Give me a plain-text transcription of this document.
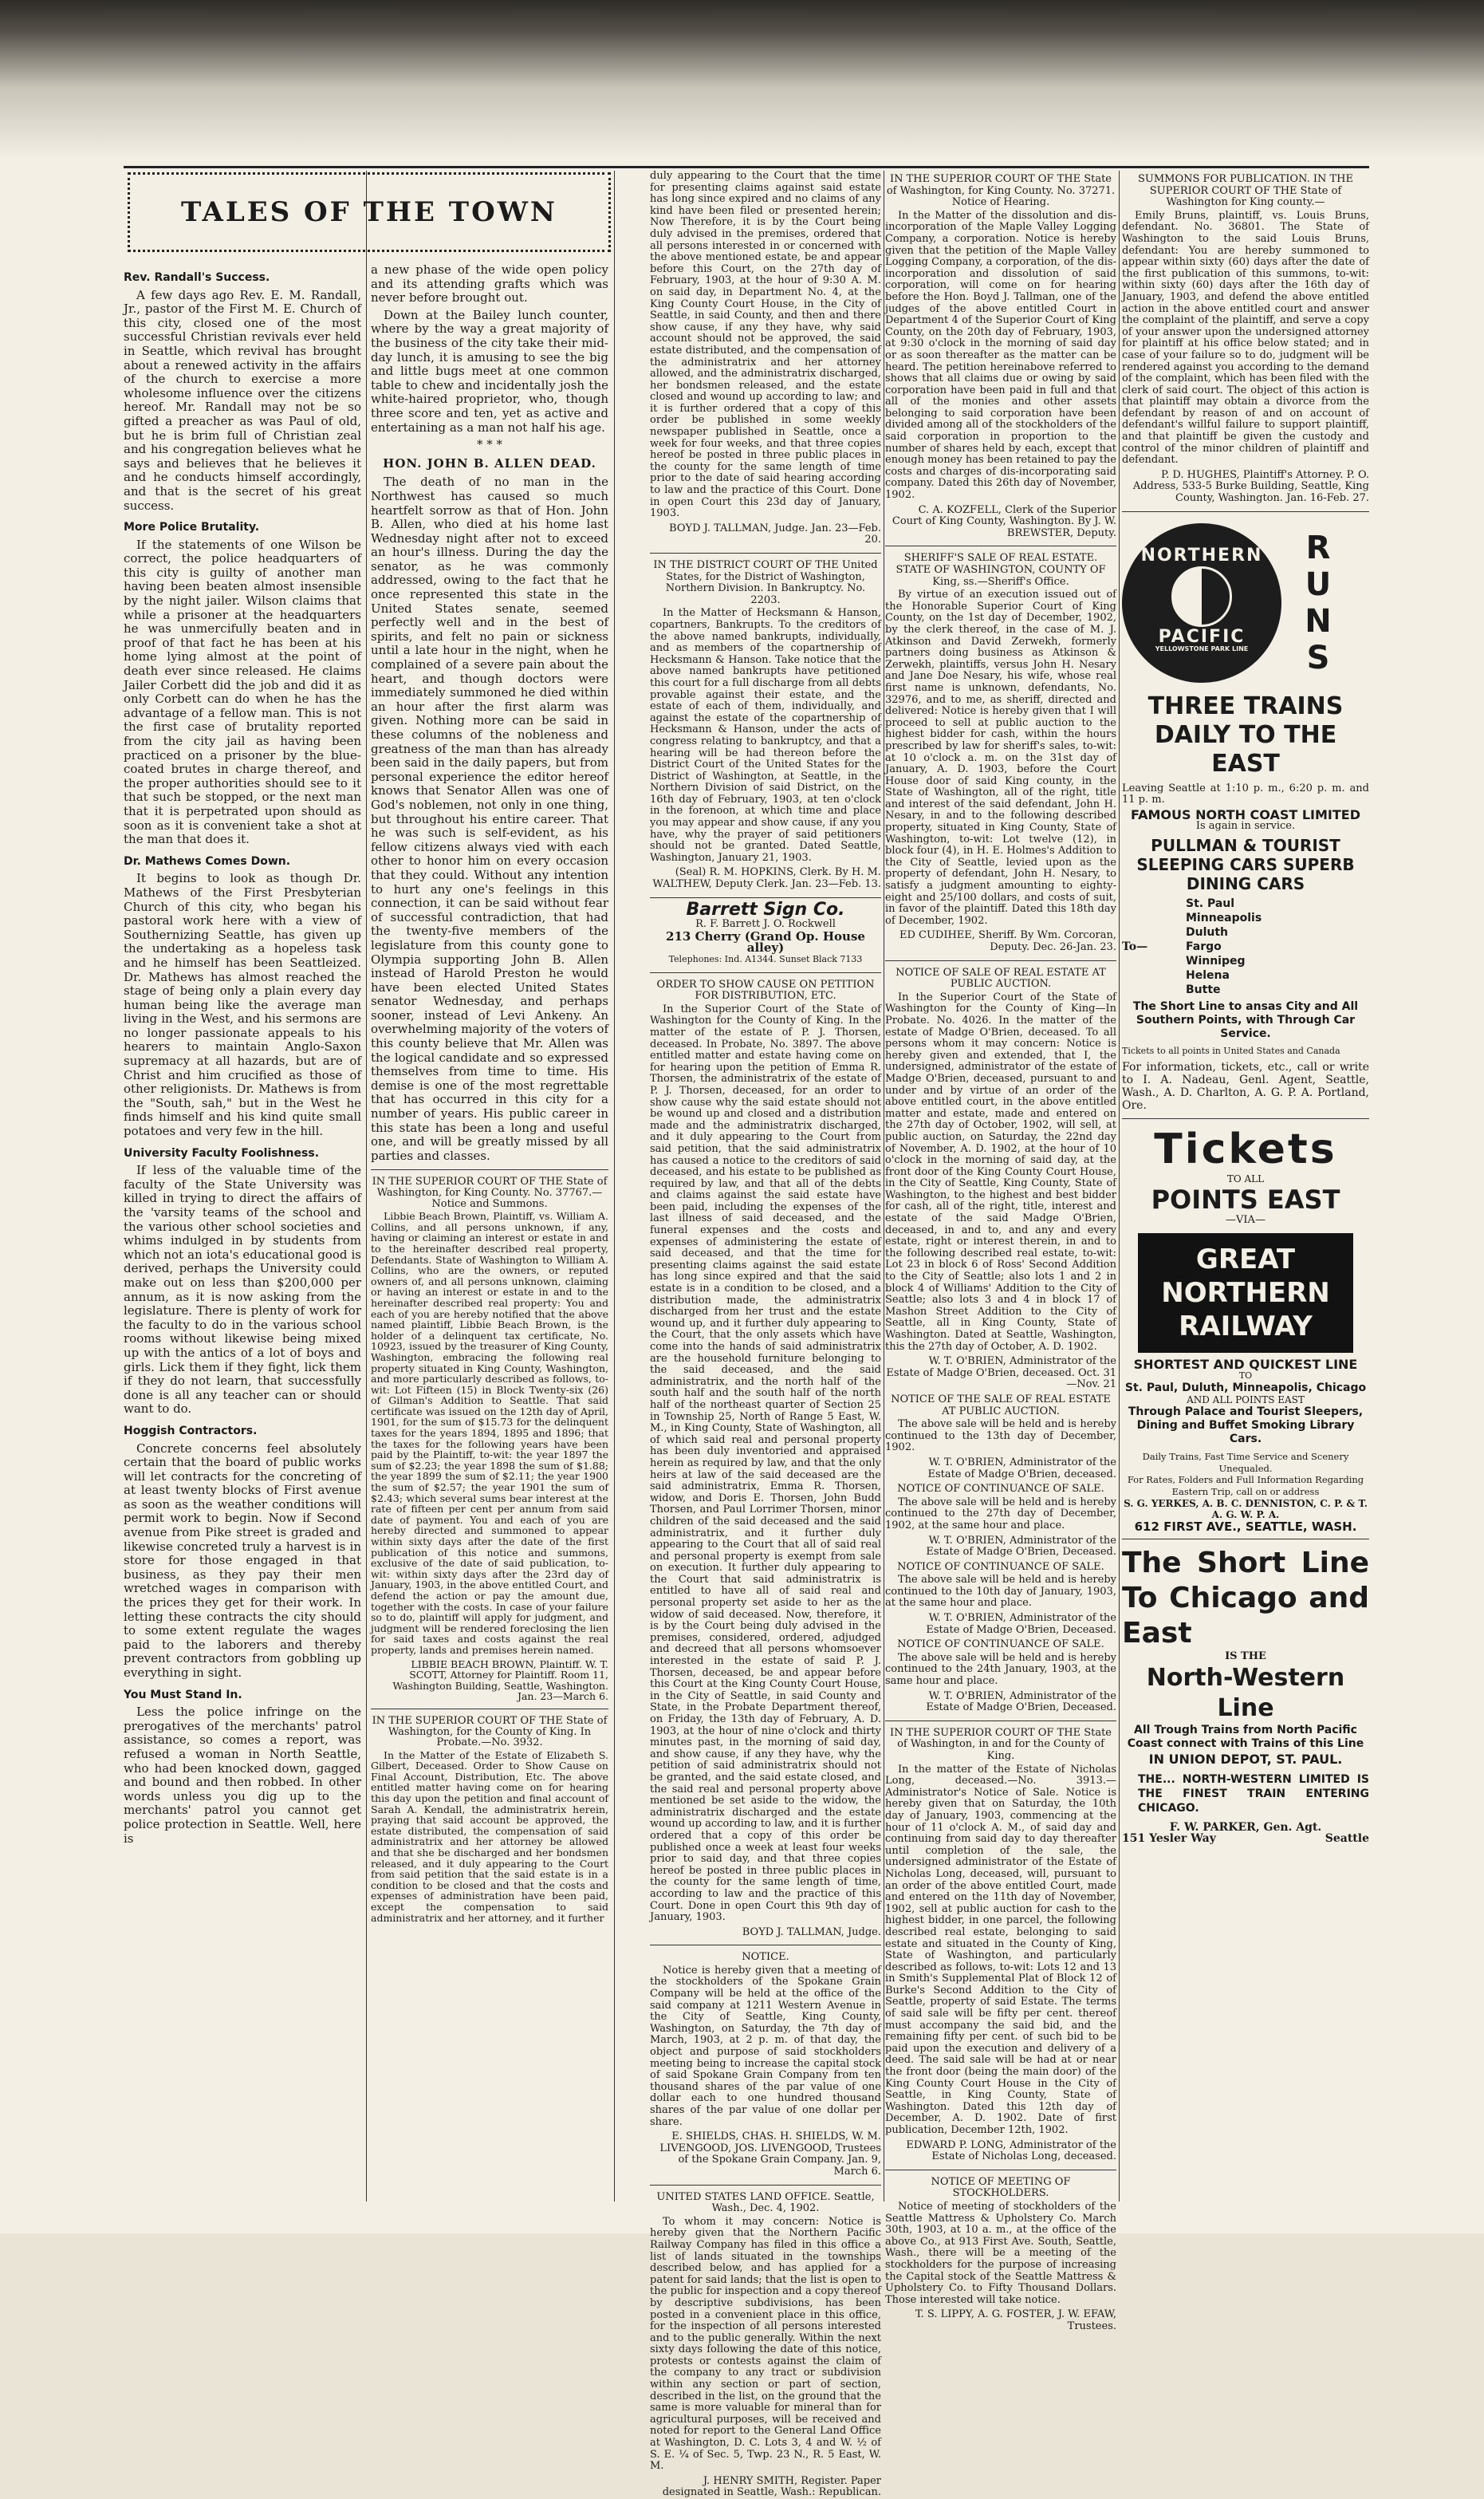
TALES OF THE TOWN
Rev. Randall's Success.

A few days ago Rev. E. M. Randall, Jr., pastor of the First M. E. Church of this city, closed one of the most successful Christian revivals ever held in Seattle, which revival has brought about a renewed activity in the affairs of the church to exercise a more wholesome influence over the citizens hereof. Mr. Randall may not be so gifted a preacher as was Paul of old, but he is brim full of Christian zeal and his congregation believes what he says and believes that he believes it and he conducts himself accordingly, and that is the secret of his great success.

More Police Brutality.

If the statements of one Wilson be correct, the police headquarters of this city is guilty of another man having been beaten almost insensible by the night jailer. Wilson claims that while a prisoner at the headquarters he was unmercifully beaten and in proof of that fact he has been at his home lying almost at the point of death ever since released. He claims Jailer Corbett did the job and did it as only Corbett can do when he has the advantage of a fellow man. This is not the first case of brutality reported from the city jail as having been practiced on a prisoner by the blue-coated brutes in charge thereof, and the proper authorities should see to it that such be stopped, or the next man that it is perpetrated upon should as soon as it is convenient take a shot at the man that does it.

Dr. Mathews Comes Down.

It begins to look as though Dr. Mathews of the First Presbyterian Church of this city, who began his pastoral work here with a view of Southernizing Seattle, has given up the undertaking as a hopeless task and he himself has been Seattleized. Dr. Mathews has almost reached the stage of being only a plain every day human being like the average man living in the West, and his sermons are no longer passionate appeals to his hearers to maintain Anglo-Saxon supremacy at all hazards, but are of Christ and him crucified as those of other religionists. Dr. Mathews is from the "South, sah," but in the West he finds himself and his kind quite small potatoes and very few in the hill.

University Faculty Foolishness.

If less of the valuable time of the faculty of the State University was killed in trying to direct the affairs of the 'varsity teams of the school and the various other school societies and whims indulged in by students from which not an iota's educational good is derived, perhaps the University could make out on less than $200,000 per annum, as it is now asking from the legislature. There is plenty of work for the faculty to do in the various school rooms without likewise being mixed up with the antics of a lot of boys and girls. Lick them if they fight, lick them if they do not learn, that successfully done is all any teacher can or should want to do.

Hoggish Contractors.

Concrete concerns feel absolutely certain that the board of public works will let contracts for the concreting of at least twenty blocks of First avenue as soon as the weather conditions will permit work to begin. Now if Second avenue from Pike street is graded and likewise concreted truly a harvest is in store for those engaged in that business, as they pay their men wretched wages in comparison with the prices they get for their work. In letting these contracts the city should to some extent regulate the wages paid to the laborers and thereby prevent contractors from gobbling up everything in sight.

You Must Stand In.

Less the police infringe on the prerogatives of the merchants' patrol assistance, so comes a report, was refused a woman in North Seattle, who had been knocked down, gagged and bound and then robbed. In other words unless you dig up to the merchants' patrol you cannot get police protection in Seattle. Well, here is

a new phase of the wide open policy and its attending grafts which was never before brought out.

Down at the Bailey lunch counter, where by the way a great majority of the business of the city take their mid-day lunch, it is amusing to see the big and little bugs meet at one common table to chew and incidentally josh the white-haired proprietor, who, though three score and ten, yet as active and entertaining as a man not half his age.

* * *
HON. JOHN B. ALLEN DEAD.

The death of no man in the Northwest has caused so much heartfelt sorrow as that of Hon. John B. Allen, who died at his home last Wednesday night after not to exceed an hour's illness. During the day the senator, as he was commonly addressed, owing to the fact that he once represented this state in the United States senate, seemed perfectly well and in the best of spirits, and felt no pain or sickness until a late hour in the night, when he complained of a severe pain about the heart, and though doctors were immediately summoned he died within an hour after the first alarm was given. Nothing more can be said in these columns of the nobleness and greatness of the man than has already been said in the daily papers, but from personal experience the editor hereof knows that Senator Allen was one of God's noblemen, not only in one thing, but throughout his entire career. That he was such is self-evident, as his fellow citizens always vied with each other to honor him on every occasion that they could. Without any intention to hurt any one's feelings in this connection, it can be said without fear of successful contradiction, that had the twenty-five members of the legislature from this county gone to Olympia supporting John B. Allen instead of Harold Preston he would have been elected United States senator Wednesday, and perhaps sooner, instead of Levi Ankeny. An overwhelming majority of the voters of this county believe that Mr. Allen was the logical candidate and so expressed themselves from time to time. His demise is one of the most regrettable that has occurred in this city for a number of years. His public career in this state has been a long and useful one, and will be greatly missed by all parties and classes.

IN THE SUPERIOR COURT OF THE State of Washington, for King County. No. 37767.—Notice and Summons.

Libbie Beach Brown, Plaintiff, vs. William A. Collins, and all persons unknown, if any, having or claiming an interest or estate in and to the hereinafter described real property, Defendants. State of Washington to William A. Collins, who are the owners, or reputed owners of, and all persons unknown, claiming or having an interest or estate in and to the hereinafter described real property: You and each of you are hereby notified that the above named plaintiff, Libbie Beach Brown, is the holder of a delinquent tax certificate, No. 10923, issued by the treasurer of King County, Washington, embracing the following real property situated in King County, Washington, and more particularly described as follows, to-wit: Lot Fifteen (15) in Block Twenty-six (26) of Gilman's Addition to Seattle. That said certificate was issued on the 12th day of April, 1901, for the sum of $15.73 for the delinquent taxes for the years 1894, 1895 and 1896; that the taxes for the following years have been paid by the Plaintiff, to-wit: the year 1897 the sum of $2.23; the year 1898 the sum of $1.88; the year 1899 the sum of $2.11; the year 1900 the sum of $2.57; the year 1901 the sum of $2.43; which several sums bear interest at the rate of fifteen per cent per annum from said date of payment. You and each of you are hereby directed and summoned to appear within sixty days after the date of the first publication of this notice and summons, exclusive of the date of said publication, to-wit: within sixty days after the 23rd day of January, 1903, in the above entitled Court, and defend the action or pay the amount due, together with the costs. In case of your failure so to do, plaintiff will apply for judgment, and judgment will be rendered foreclosing the lien for said taxes and costs against the real property, lands and premises herein named.

LIBBIE BEACH BROWN, Plaintiff. W. T. SCOTT, Attorney for Plaintiff. Room 11, Washington Building, Seattle, Washington. Jan. 23—March 6.

IN THE SUPERIOR COURT OF THE State of Washington, for the County of King. In Probate.—No. 3932.

In the Matter of the Estate of Elizabeth S. Gilbert, Deceased. Order to Show Cause on Final Account, Distribution, Etc. The above entitled matter having come on for hearing this day upon the petition and final account of Sarah A. Kendall, the administratrix herein, praying that said account be approved, the estate distributed, the compensation of said administratrix and her attorney be allowed and that she be discharged and her bondsmen released, and it duly appearing to the Court from said petition that the said estate is in a condition to be closed and that the costs and expenses of administration have been paid, except the compensation to said administratrix and her attorney, and it further

duly appearing to the Court that the time for presenting claims against said estate has long since expired and no claims of any kind have been filed or presented herein; Now Therefore, it is by the Court being duly advised in the premises, ordered that all persons interested in or concerned with the above mentioned estate, be and appear before this Court, on the 27th day of February, 1903, at the hour of 9:30 A. M. on said day, in Department No. 4, at the King County Court House, in the City of Seattle, in said County, and then and there show cause, if any they have, why said account should not be approved, the said estate distributed, and the compensation of the administratrix and her attorney allowed, and the administratrix discharged, her bondsmen released, and the estate closed and wound up according to law; and it is further ordered that a copy of this order be published in some weekly newspaper published in Seattle, once a week for four weeks, and that three copies hereof be posted in three public places in the county for the same length of time prior to the date of said hearing according to law and the practice of this Court. Done in open Court this 23d day of January, 1903.

BOYD J. TALLMAN, Judge. Jan. 23—Feb. 20.

IN THE DISTRICT COURT OF THE United States, for the District of Washington, Northern Division. In Bankruptcy. No. 2203.

In the Matter of Hecksmann & Hanson, copartners, Bankrupts. To the creditors of the above named bankrupts, individually, and as members of the copartnership of Hecksmann & Hanson. Take notice that the above named bankrupts have petitioned this court for a full discharge from all debts provable against their estate, and the estate of each of them, individually, and against the estate of the copartnership of Hecksmann & Hanson, under the acts of congress relating to bankruptcy, and that a hearing will be had thereon before the District Court of the United States for the District of Washington, at Seattle, in the Northern Division of said District, on the 16th day of February, 1903, at ten o'clock in the forenoon, at which time and place you may appear and show cause, if any you have, why the prayer of said petitioners should not be granted. Dated Seattle, Washington, January 21, 1903.

(Seal) R. M. HOPKINS, Clerk. By H. M. WALTHEW, Deputy Clerk. Jan. 23—Feb. 13.

Barrett Sign Co.
R. F. Barrett J. O. Rockwell
213 Cherry (Grand Op. House alley)
Telephones: Ind. A1344. Sunset Black 7133
ORDER TO SHOW CAUSE ON PETITION FOR DISTRIBUTION, ETC.

In the Superior Court of the State of Washington for the County of King. In the matter of the estate of P. J. Thorsen, deceased. In Probate, No. 3897. The above entitled matter and estate having come on for hearing upon the petition of Emma R. Thorsen, the administratrix of the estate of P. J. Thorsen, deceased, for an order to show cause why the said estate should not be wound up and closed and a distribution made and the administratrix discharged, and it duly appearing to the Court from said petition, that the said administratrix has caused a notice to the creditors of said deceased, and his estate to be published as required by law, and that all of the debts and claims against the said estate have been paid, including the expenses of the last illness of said deceased, and the funeral expenses and the costs and expenses of administering the estate of said deceased, and that the time for presenting claims against the said estate has long since expired and that the said estate is in a condition to be closed, and a distribution made, the administratrix discharged from her trust and the estate wound up, and it further duly appearing to the Court, that the only assets which have come into the hands of said administratrix are the household furniture belonging to the said deceased, and the said administratrix, and the north half of the south half and the south half of the north half of the northeast quarter of Section 25 in Township 25, North of Range 5 East, W. M., in King County, State of Washington, all of which said real and personal property has been duly inventoried and appraised herein as required by law, and that the only heirs at law of the said deceased are the said administratrix, Emma R. Thorsen, widow, and Doris E. Thorsen, John Budd Thorsen, and Paul Lorrimer Thorsen, minor children of the said deceased and the said administratrix, and it further duly appearing to the Court that all of said real and personal property is exempt from sale on execution. It further duly appearing to the Court that said administratrix is entitled to have all of said real and personal property set aside to her as the widow of said deceased. Now, therefore, it is by the Court being duly advised in the premises, considered, ordered, adjudged and decreed that all persons whomsoever interested in the estate of said P. J. Thorsen, deceased, be and appear before this Court at the King County Court House, in the City of Seattle, in said County and State, in the Probate Department thereof, on Friday, the 13th day of February, A. D. 1903, at the hour of nine o'clock and thirty minutes past, in the morning of said day, and show cause, if any they have, why the petition of said administratrix should not be granted, and the said estate closed, and the said real and personal property above mentioned be set aside to the widow, the administratrix discharged and the estate wound up according to law, and it is further ordered that a copy of this order be published once a week at least four weeks prior to said day, and that three copies hereof be posted in three public places in the county for the same length of time, according to law and the practice of this Court. Done in open Court this 9th day of January, 1903.

BOYD J. TALLMAN, Judge.

NOTICE.

Notice is hereby given that a meeting of the stockholders of the Spokane Grain Company will be held at the office of the said company at 1211 Western Avenue in the City of Seattle, King County, Washington, on Saturday, the 7th day of March, 1903, at 2 p. m. of that day, the object and purpose of said stockholders meeting being to increase the capital stock of said Spokane Grain Company from ten thousand shares of the par value of one dollar each to one hundred thousand shares of the par value of one dollar per share.

E. SHIELDS, CHAS. H. SHIELDS, W. M. LIVENGOOD, JOS. LIVENGOOD, Trustees of the Spokane Grain Company. Jan. 9, March 6.

UNITED STATES LAND OFFICE. Seattle, Wash., Dec. 4, 1902.

To whom it may concern: Notice is hereby given that the Northern Pacific Railway Company has filed in this office a list of lands situated in the townships described below, and has applied for a patent for said lands; that the list is open to the public for inspection and a copy thereof by descriptive subdivisions, has been posted in a convenient place in this office, for the inspection of all persons interested and to the public generally. Within the next sixty days following the date of this notice, protests or contests against the claim of the company to any tract or subdivision within any section or part of section, described in the list, on the ground that the same is more valuable for mineral than for agricultural purposes, will be received and noted for report to the General Land Office at Washington, D. C. Lots 3, 4 and W. ½ of S. E. ¼ of Sec. 5, Twp. 23 N., R. 5 East, W. M.

J. HENRY SMITH, Register. Paper designated in Seattle, Wash.: Republican.

IN THE SUPERIOR COURT OF THE State of Washington, for King County. No. 37271. Notice of Hearing.

In the Matter of the dissolution and dis-incorporation of the Maple Valley Logging Company, a corporation. Notice is hereby given that the petition of the Maple Valley Logging Company, a corporation, of the dis-incorporation and dissolution of said corporation, will come on for hearing before the Hon. Boyd J. Tallman, one of the judges of the above entitled Court in Department 4 of the Superior Court of King County, on the 20th day of February, 1903, at 9:30 o'clock in the morning of said day or as soon thereafter as the matter can be heard. The petition hereinabove referred to shows that all claims due or owing by said corporation have been paid in full and that all of the monies and other assets belonging to said corporation have been divided among all of the stockholders of the said corporation in proportion to the number of shares held by each, except that enough money has been retained to pay the costs and charges of dis-incorporating said company. Dated this 26th day of November, 1902.

C. A. KOZFELL, Clerk of the Superior Court of King County, Washington. By J. W. BREWSTER, Deputy.

SHERIFF'S SALE OF REAL ESTATE. STATE OF WASHINGTON, COUNTY OF King, ss.—Sheriff's Office.

By virtue of an execution issued out of the Honorable Superior Court of King County, on the 1st day of December, 1902, by the clerk thereof, in the case of M. J. Atkinson and David Zerwekh, formerly partners doing business as Atkinson & Zerwekh, plaintiffs, versus John H. Nesary and Jane Doe Nesary, his wife, whose real first name is unknown, defendants, No. 32976, and to me, as sheriff, directed and delivered: Notice is hereby given that I will proceed to sell at public auction to the highest bidder for cash, within the hours prescribed by law for sheriff's sales, to-wit: at 10 o'clock a. m. on the 31st day of January, A. D. 1903, before the Court House door of said King county, in the State of Washington, all of the right, title and interest of the said defendant, John H. Nesary, in and to the following described property, situated in King County, State of Washington, to-wit: Lot twelve (12), in block four (4), in H. E. Holmes's Addition to the City of Seattle, levied upon as the property of defendant, John H. Nesary, to satisfy a judgment amounting to eighty-eight and 25/100 dollars, and costs of suit, in favor of the plaintiff. Dated this 18th day of December, 1902.

ED CUDIHEE, Sheriff. By Wm. Corcoran, Deputy. Dec. 26-Jan. 23.

NOTICE OF SALE OF REAL ESTATE AT PUBLIC AUCTION.

In the Superior Court of the State of Washington for the County of King—In Probate. No. 4026. In the matter of the estate of Madge O'Brien, deceased. To all persons whom it may concern: Notice is hereby given and extended, that I, the undersigned, administrator of the estate of Madge O'Brien, deceased, pursuant to and under and by virtue of an order of the above entitled court, in the above entitled matter and estate, made and entered on the 27th day of October, 1902, will sell, at public auction, on Saturday, the 22nd day of November, A. D. 1902, at the hour of 10 o'clock in the morning of said day, at the front door of the King County Court House, in the City of Seattle, King County, State of Washington, to the highest and best bidder for cash, all of the right, title, interest and estate of the said Madge O'Brien, deceased, in and to, and any and every estate, right or interest therein, in and to the following described real estate, to-wit: Lot 23 in block 6 of Ross' Second Addition to the City of Seattle; also lots 1 and 2 in block 4 of Williams' Addition to the City of Seattle; also lots 3 and 4 in block 17 of Mashon Street Addition to the City of Seattle, all in King County, State of Washington. Dated at Seattle, Washington, this the 27th day of October, A. D. 1902.

W. T. O'BRIEN, Administrator of the Estate of Madge O'Brien, deceased. Oct. 31—Nov. 21

NOTICE OF THE SALE OF REAL ESTATE AT PUBLIC AUCTION.

The above sale will be held and is hereby continued to the 13th day of December, 1902.

W. T. O'BRIEN, Administrator of the Estate of Madge O'Brien, deceased.

NOTICE OF CONTINUANCE OF SALE.

The above sale will be held and is hereby continued to the 27th day of December, 1902, at the same hour and place.

W. T. O'BRIEN, Administrator of the Estate of Madge O'Brien, Deceased.

NOTICE OF CONTINUANCE OF SALE.

The above sale will be held and is hereby continued to the 10th day of January, 1903, at the same hour and place.

W. T. O'BRIEN, Administrator of the Estate of Madge O'Brien, Deceased.

NOTICE OF CONTINUANCE OF SALE.

The above sale will be held and is hereby continued to the 24th January, 1903, at the same hour and place.

W. T. O'BRIEN, Administrator of the Estate of Madge O'Brien, Deceased.

IN THE SUPERIOR COURT OF THE State of Washington, in and for the County of King.

In the matter of the Estate of Nicholas Long, deceased.—No. 3913.—Administrator's Notice of Sale. Notice is hereby given that on Saturday, the 10th day of January, 1903, commencing at the hour of 11 o'clock A. M., of said day and continuing from said day to day thereafter until completion of the sale, the undersigned administrator of the Estate of Nicholas Long, deceased, will, pursuant to an order of the above entitled Court, made and entered on the 11th day of November, 1902, sell at public auction for cash to the highest bidder, in one parcel, the following described real estate, belonging to said estate and situated in the County of King, State of Washington, and particularly described as follows, to-wit: Lots 12 and 13 in Smith's Supplemental Plat of Block 12 of Burke's Second Addition to the City of Seattle, property of said Estate. The terms of said sale will be fifty per cent. thereof must accompany the said bid, and the remaining fifty per cent. of such bid to be paid upon the execution and delivery of a deed. The said sale will be had at or near the front door (being the main door) of the King County Court House in the City of Seattle, in King County, State of Washington. Dated this 12th day of December, A. D. 1902. Date of first publication, December 12th, 1902.

EDWARD P. LONG, Administrator of the Estate of Nicholas Long, deceased.

NOTICE OF MEETING OF STOCKHOLDERS.

Notice of meeting of stockholders of the Seattle Mattress & Upholstery Co. March 30th, 1903, at 10 a. m., at the office of the above Co., at 913 First Ave. South, Seattle, Wash., there will be a meeting of the stockholders for the purpose of increasing the Capital stock of the Seattle Mattress & Upholstery Co. to Fifty Thousand Dollars. Those interested will take notice.

T. S. LIPPY, A. G. FOSTER, J. W. EFAW, Trustees.

SUMMONS FOR PUBLICATION. IN THE SUPERIOR COURT OF THE State of Washington for King county.—

Emily Bruns, plaintiff, vs. Louis Bruns, defendant. No. 36801. The State of Washington to the said Louis Bruns, defendant: You are hereby summoned to appear within sixty (60) days after the date of the first publication of this summons, to-wit: within sixty (60) days after the 16th day of January, 1903, and defend the above entitled action in the above entitled court and answer the complaint of the plaintiff, and serve a copy of your answer upon the undersigned attorney for plaintiff at his office below stated; and in case of your failure so to do, judgment will be rendered against you according to the demand of the complaint, which has been filed with the clerk of said court. The object of this action is that plaintiff may obtain a divorce from the defendant by reason of and on account of defendant's willful failure to support plaintiff, and that plaintiff be given the custody and control of the minor children of plaintiff and defendant.

P. D. HUGHES, Plaintiff's Attorney. P. O. Address, 533-5 Burke Building, Seattle, King County, Washington. Jan. 16-Feb. 27.

NORTHERN
PACIFIC
YELLOWSTONE PARK LINE
R U N S
THREE TRAINS DAILY TO THE EAST

Leaving Seattle at 1:10 p. m., 6:20 p. m. and 11 p. m.

FAMOUS NORTH COAST LIMITED
Is again in service.
PULLMAN & TOURIST SLEEPING CARS SUPERB DINING CARS
To—
St. Paul
Minneapolis
Duluth
Fargo
Winnipeg
Helena
Butte
The Short Line to ansas City and All Southern Points, with Through Car Service.

Tickets to all points in United States and Canada

For information, tickets, etc., call or write to I. A. Nadeau, Genl. Agent, Seattle, Wash., A. D. Charlton, A. G. P. A. Portland, Ore.

Tickets
TO ALL
POINTS EAST
—VIA—
GREAT NORTHERN RAILWAY
SHORTEST AND QUICKEST LINE
TO
St. Paul, Duluth, Minneapolis, Chicago
AND ALL POINTS EAST
Through Palace and Tourist Sleepers, Dining and Buffet Smoking Library Cars.
Daily Trains, Fast Time Service and Scenery Unequaled.
For Rates, Folders and Full Information Regarding Eastern Trip, call on or address
S. G. YERKES, A. B. C. DENNISTON, C. P. & T. A. G. W. P. A.
612 FIRST AVE., SEATTLE, WASH.
The Short Line To Chicago and East
IS THE
North-Western Line
All Trough Trains from North Pacific Coast connect with Trains of this Line
IN UNION DEPOT, ST. PAUL.
THE... NORTH-WESTERN LIMITED IS THE FINEST TRAIN ENTERING CHICAGO.
F. W. PARKER, Gen. Agt.
151 Yesler Way	Seattle
